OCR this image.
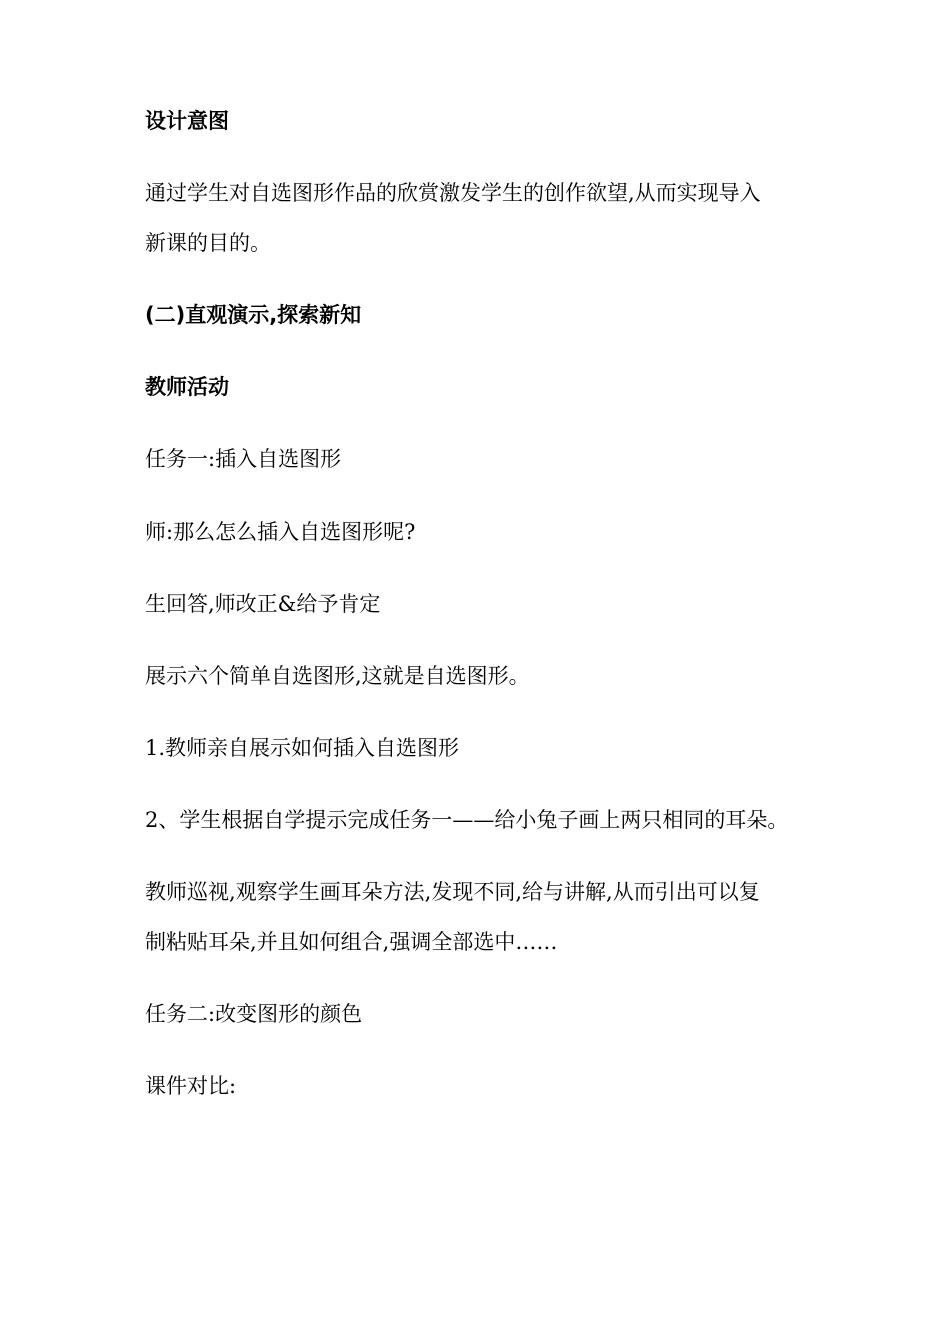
设计意图
通过学生对自选图形作品的欣赏激发学生的创作欲望,从而实现导入
新课的目的。
(二)直观演示,探索新知
教师活动
任务一:插入自选图形
师:那么怎么插入自选图形呢?
生回答,师改正&给予肯定
展示六个简单自选图形,这就是自选图形。
1.教师亲自展示如何插入自选图形
2、学生根据自学提示完成任务一——给小兔子画上两只相同的耳朵。
教师巡视,观察学生画耳朵方法,发现不同,给与讲解,从而引出可以复
制粘贴耳朵,并且如何组合,强调全部选中……
任务二:改变图形的颜色
课件对比:
